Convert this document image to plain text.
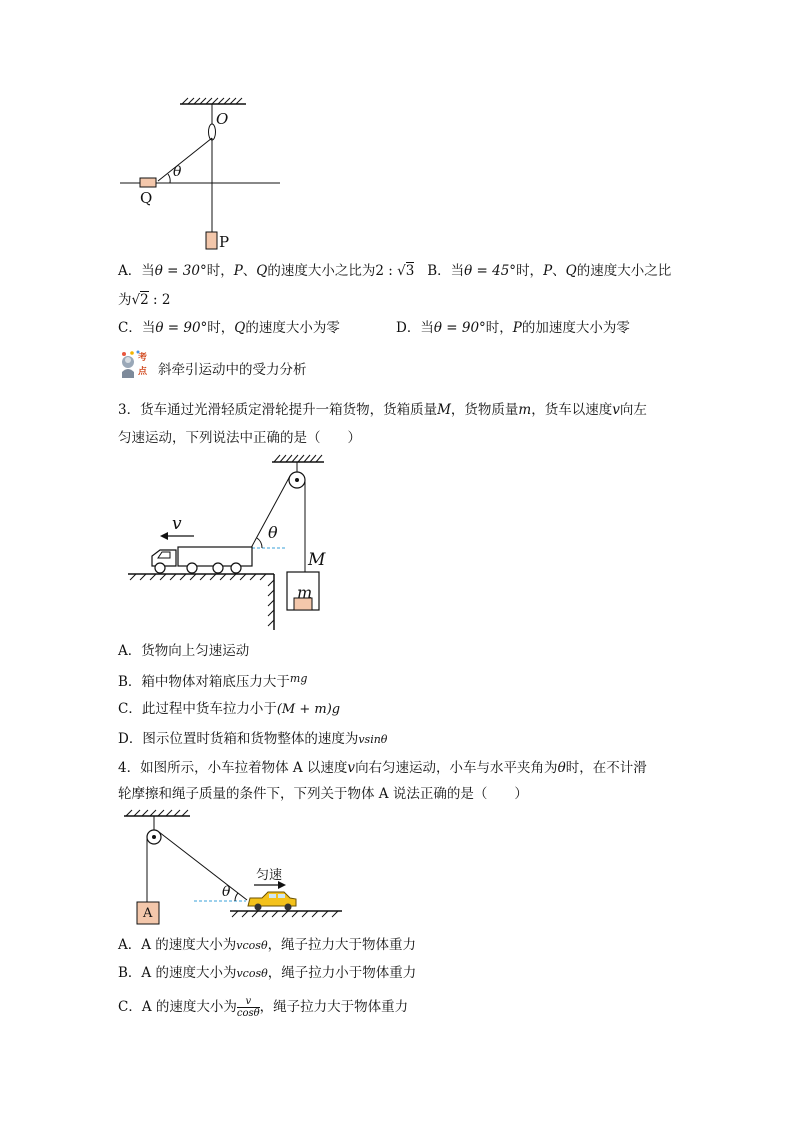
O
θ
Q
P
A．当θ = 30°时，P、Q的速度大小之比为2 : √3 B．当θ = 45°时，P、Q的速度大小之比
为√2 : 2
C．当θ = 90°时，Q的速度大小为零	D．当θ = 90°时，P的加速度大小为零
考
点 斜牵引运动中的受力分析
3．货车通过光滑轻质定滑轮提升一箱货物，货箱质量M，货物质量m，货车以速度v向左
匀速运动，下列说法中正确的是（　　）
v	θ
M
m
A．货物向上匀速运动
B．箱中物体对箱底压力大于$^{mg}$
C．此过程中货车拉力小于(M + m)g
D．图示位置时货箱和货物整体的速度为vsinθ
4．如图所示，小车拉着物体 A 以速度v向右匀速运动，小车与水平夹角为θ时，在不计滑
轮摩擦和绳子质量的条件下，下列关于物体 A 说法正确的是（　　）
匀速
θ
A
A．A 的速度大小为vcosθ，绳子拉力大于物体重力
B．A 的速度大小为vcosθ，绳子拉力小于物体重力
C．A 的速度大小为 $\frac{v}{\cos\theta}$ ，绳子拉力大于物体重力
